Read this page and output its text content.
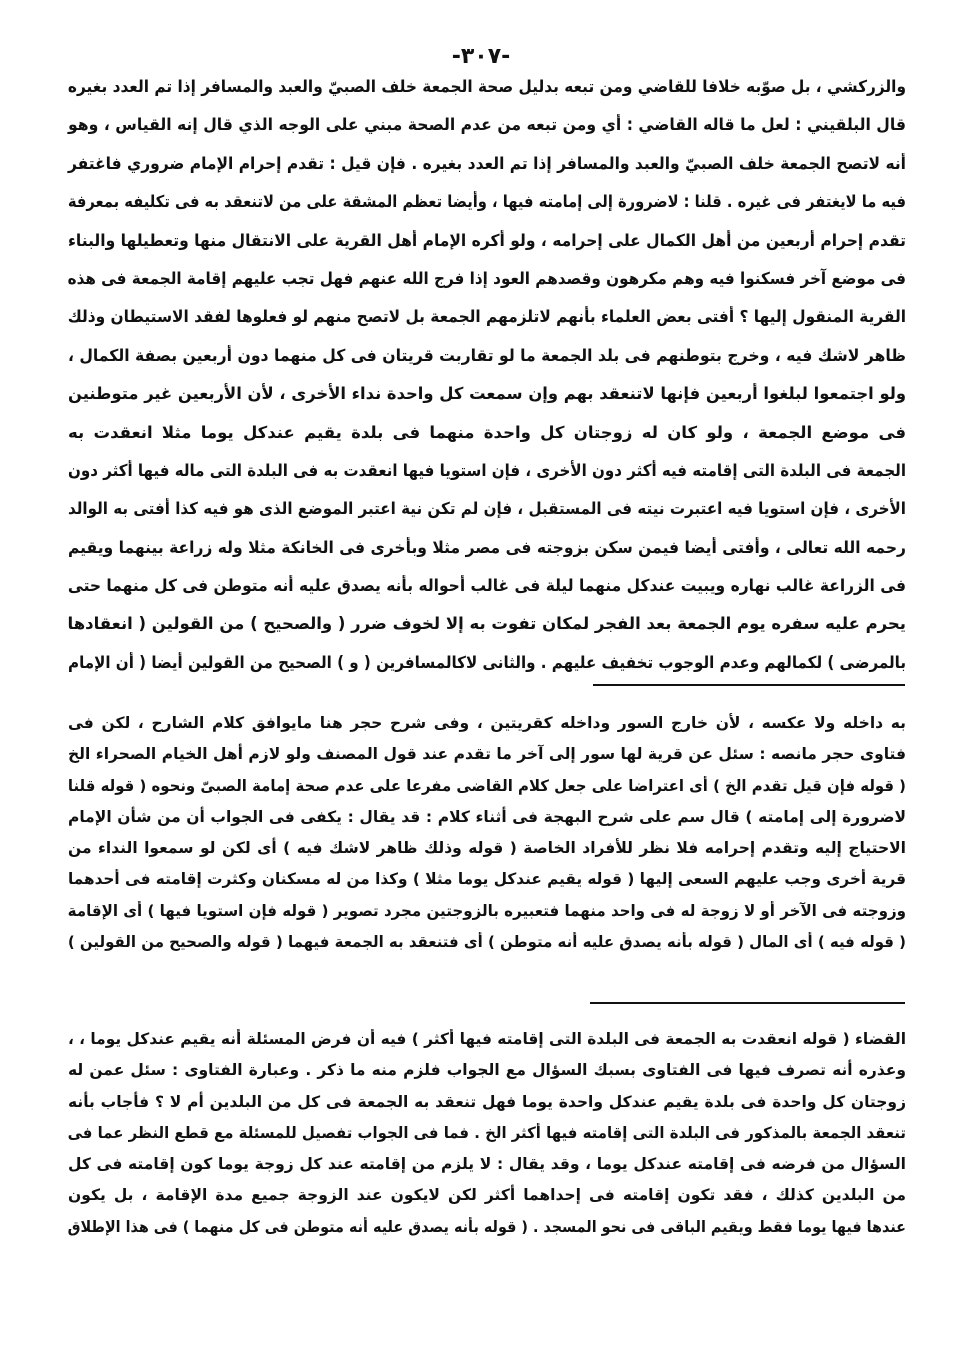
-٣٠٧-
والزركشي ، بل صوّبه خلافا للقاضي ومن تبعه بدليل صحة الجمعة خلف الصبيّ والعبد والمسافر إذا تم العدد بغيره
قال البلقيني : لعل ما قاله القاضي : أي ومن تبعه من عدم الصحة مبني على الوجه الذي قال إنه القياس ، وهو
أنه لاتصح الجمعة خلف الصبيّ والعبد والمسافر إذا تم العدد بغيره . فإن قيل : تقدم إحرام الإمام ضروري فاغتفر
فيه ما لايغتفر فى غيره . قلنا : لاضرورة إلى إمامته فيها ، وأيضا تعظم المشقة على من لاتنعقد به فى تكليفه بمعرفة
تقدم إحرام أربعين من أهل الكمال على إحرامه ، ولو أكره الإمام أهل القرية على الانتقال منها وتعطيلها والبناء
فى موضع آخر فسكنوا فيه وهم مكرهون وقصدهم العود إذا فرج الله عنهم فهل تجب عليهم إقامة الجمعة فى هذه
القرية المنقول إليها ؟ أفتى بعض العلماء بأنهم لاتلزمهم الجمعة بل لاتصح منهم لو فعلوها لفقد الاستيطان وذلك
ظاهر لاشك فيه ، وخرج بتوطنهم فى بلد الجمعة ما لو تقاربت قريتان فى كل منهما دون أربعين بصفة الكمال ،
ولو اجتمعوا لبلغوا أربعين فإنها لاتنعقد بهم وإن سمعت كل واحدة نداء الأخرى ، لأن الأربعين غير متوطنين
فى موضع الجمعة ، ولو كان له زوجتان كل واحدة منهما فى بلدة يقيم عندكل يوما مثلا انعقدت به
الجمعة فى البلدة التى إقامته فيه أكثر دون الأخرى ، فإن استويا فيها انعقدت به فى البلدة التى ماله فيها أكثر دون
الأخرى ، فإن استويا فيه اعتبرت نيته فى المستقبل ، فإن لم تكن نية اعتبر الموضع الذى هو فيه كذا أفتى به الوالد
رحمه الله تعالى ، وأفتى أيضا فيمن سكن بزوجته فى مصر مثلا وبأخرى فى الخانكة مثلا وله زراعة بينهما ويقيم
فى الزراعة غالب نهاره ويبيت عندكل منهما ليلة فى غالب أحواله بأنه يصدق عليه أنه متوطن فى كل منهما حتى
يحرم عليه سفره يوم الجمعة بعد الفجر لمكان تفوت به إلا لخوف ضرر ( والصحيح ) من القولين ( انعقادها
بالمرضى ) لكمالهم وعدم الوجوب تخفيف عليهم . والثانى لاكالمسافرين ( و ) الصحيح من القولين أيضا ( أن الإمام
به داخله ولا عكسه ، لأن خارج السور وداخله كقريتين ، وفى شرح حجر هنا مايوافق كلام الشارح ، لكن فى
فتاوى حجر مانصه : سئل عن قرية لها سور إلى آخر ما تقدم عند قول المصنف ولو لازم أهل الخيام الصحراء الخ
( قوله فإن قيل تقدم الخ ) أى اعتراضا على جعل كلام القاضى مفرعا على عدم صحة إمامة الصبىّ ونحوه ( قوله قلنا
لاضرورة إلى إمامته ) قال سم على شرح البهجة فى أثناء كلام : قد يقال : يكفى فى الجواب أن من شأن الإمام
الاحتياج إليه وتقدم إحرامه فلا نظر للأفراد الخاصة ( قوله وذلك ظاهر لاشك فيه ) أى لكن لو سمعوا النداء من
قرية أخرى وجب عليهم السعى إليها ( قوله يقيم عندكل يوما مثلا ) وكذا من له مسكنان وكثرت إقامته فى أحدهما
وزوجته فى الآخر أو لا زوجة له فى واحد منهما فتعبيره بالزوجتين مجرد تصوير ( قوله فإن استويا فيها ) أى الإقامة
( قوله فيه ) أى المال ( قوله بأنه يصدق عليه أنه متوطن ) أى فتنعقد به الجمعة فيهما ( قوله والصحيح من القولين )
القضاء ( قوله انعقدت به الجمعة فى البلدة التى إقامته فيها أكثر ) فيه أن فرض المسئلة أنه يقيم عندكل يوما ، ،
وعذره أنه تصرف فيها فى الفتاوى بسبك السؤال مع الجواب فلزم منه ما ذكر . وعبارة الفتاوى : سئل عمن له
زوجتان كل واحدة فى بلدة يقيم عندكل واحدة يوما فهل تنعقد به الجمعة فى كل من البلدين أم لا ؟ فأجاب بأنه
تنعقد الجمعة بالمذكور فى البلدة التى إقامته فيها أكثر الخ . فما فى الجواب تفصيل للمسئلة مع قطع النظر عما فى
السؤال من فرضه فى إقامته عندكل يوما ، وقد يقال : لا يلزم من إقامته عند كل زوجة يوما كون إقامته فى كل
من البلدين كذلك ، فقد تكون إقامته فى إحداهما أكثر لكن لايكون عند الزوجة جميع مدة الإقامة ، بل يكون
عندها فيها يوما فقط ويقيم الباقى فى نحو المسجد . ( قوله بأنه يصدق عليه أنه متوطن فى كل منهما ) فى هذا الإطلاق
